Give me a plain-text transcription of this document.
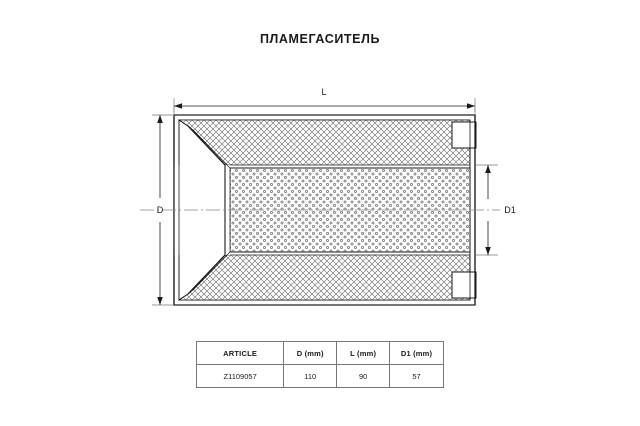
ПЛАМЕГАСИТЕЛЬ
L
D	D1
ARTICLE	D (mm)	L (mm)	D1 (mm)
Z1109057	110	90	57
